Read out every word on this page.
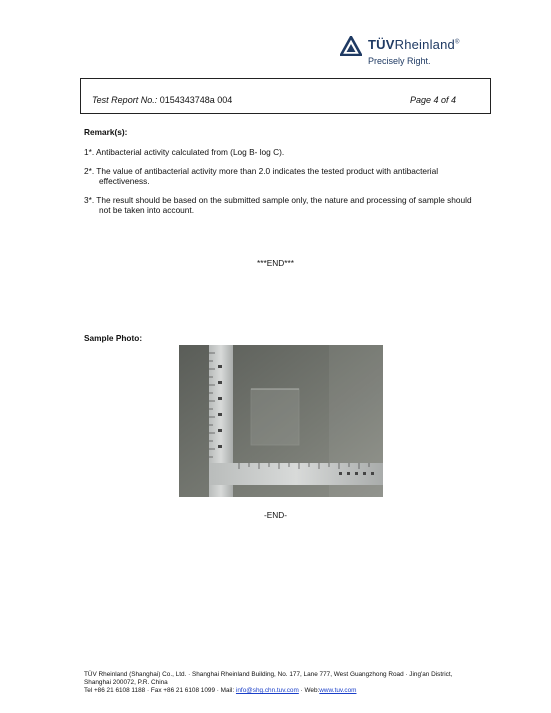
TÜVRheinland®
Precisely Right.
Test Report No.: 0154343748a 004	Page 4 of 4
Remark(s):
1*. Antibacterial activity calculated from (Log B- log C).
2*. The value of antibacterial activity more than 2.0 indicates the tested product with antibacterial
effectiveness.
3*. The result should be based on the submitted sample only, the nature and processing of sample should
not be taken into account.
***END***
Sample Photo:
-END-
TÜV Rheinland (Shanghai) Co., Ltd. · Shanghai Rheinland Building, No. 177, Lane 777, West Guangzhong Road · Jing'an District,
Shanghai 200072, P.R. China
Tel +86 21 6108 1188 · Fax +86 21 6108 1099 · Mail: info@shg.chn.tuv.com · Web:www.tuv.com
